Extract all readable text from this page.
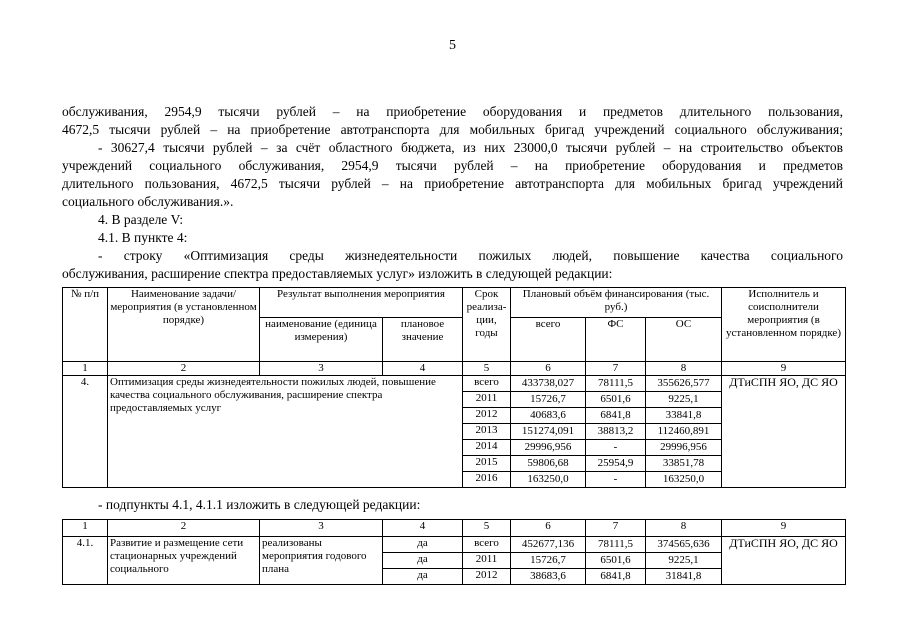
5
обслуживания, 2954,9 тысячи рублей – на приобретение оборудования и предметов длительного пользования,
4672,5 тысячи рублей – на приобретение автотранспорта для мобильных бригад учреждений социального обслуживания;
- 30627,4 тысячи рублей – за счёт областного бюджета, из них 23000,0 тысячи рублей – на строительство объектов
учреждений социального обслуживания, 2954,9 тысячи рублей – на приобретение оборудования и предметов
длительного пользования, 4672,5 тысячи рублей – на приобретение автотранспорта для мобильных бригад учреждений
социального обслуживания.».
4. В разделе V:
4.1. В пункте 4:
- строку «Оптимизация среды жизнедеятельности пожилых людей, повышение качества социального
обслуживания, расширение спектра предоставляемых услуг» изложить в следующей редакции:
№ п/п	Наименование задачи/мероприятия (в установленном порядке)	Результат выполнения мероприятия		Срок реализа-ции, годы	Плановый объём финансирования (тыс. руб.)			Исполнитель и соисполнители мероприятия (в установленном порядке)
		наименование (единица измерения)	плановое значение		всего	ФС	ОС	
1	2	3	4	5	6	7	8	9
4.	Оптимизация среды жизнедеятельности пожилых людей, повышение качества социального обслуживания, расширение спектра предоставляемых услуг			всего	433738,027	78111,5	355626,577	ДТиСПН ЯО, ДС ЯО
				2011	15726,7	6501,6	9225,1	
				2012	40683,6	6841,8	33841,8	
				2013	151274,091	38813,2	112460,891	
				2014	29996,956	-	29996,956	
				2015	59806,68	25954,9	33851,78	
				2016	163250,0	-	163250,0	
- подпункты 4.1, 4.1.1 изложить в следующей редакции:
1	2	3	4	5	6	7	8	9
4.1.	Развитие и размещение сети стационарных учреждений социального	реализованы мероприятия годового плана	да	всего	452677,136	78111,5	374565,636	ДТиСПН ЯО, ДС ЯО
			да	2011	15726,7	6501,6	9225,1	
			да	2012	38683,6	6841,8	31841,8	
